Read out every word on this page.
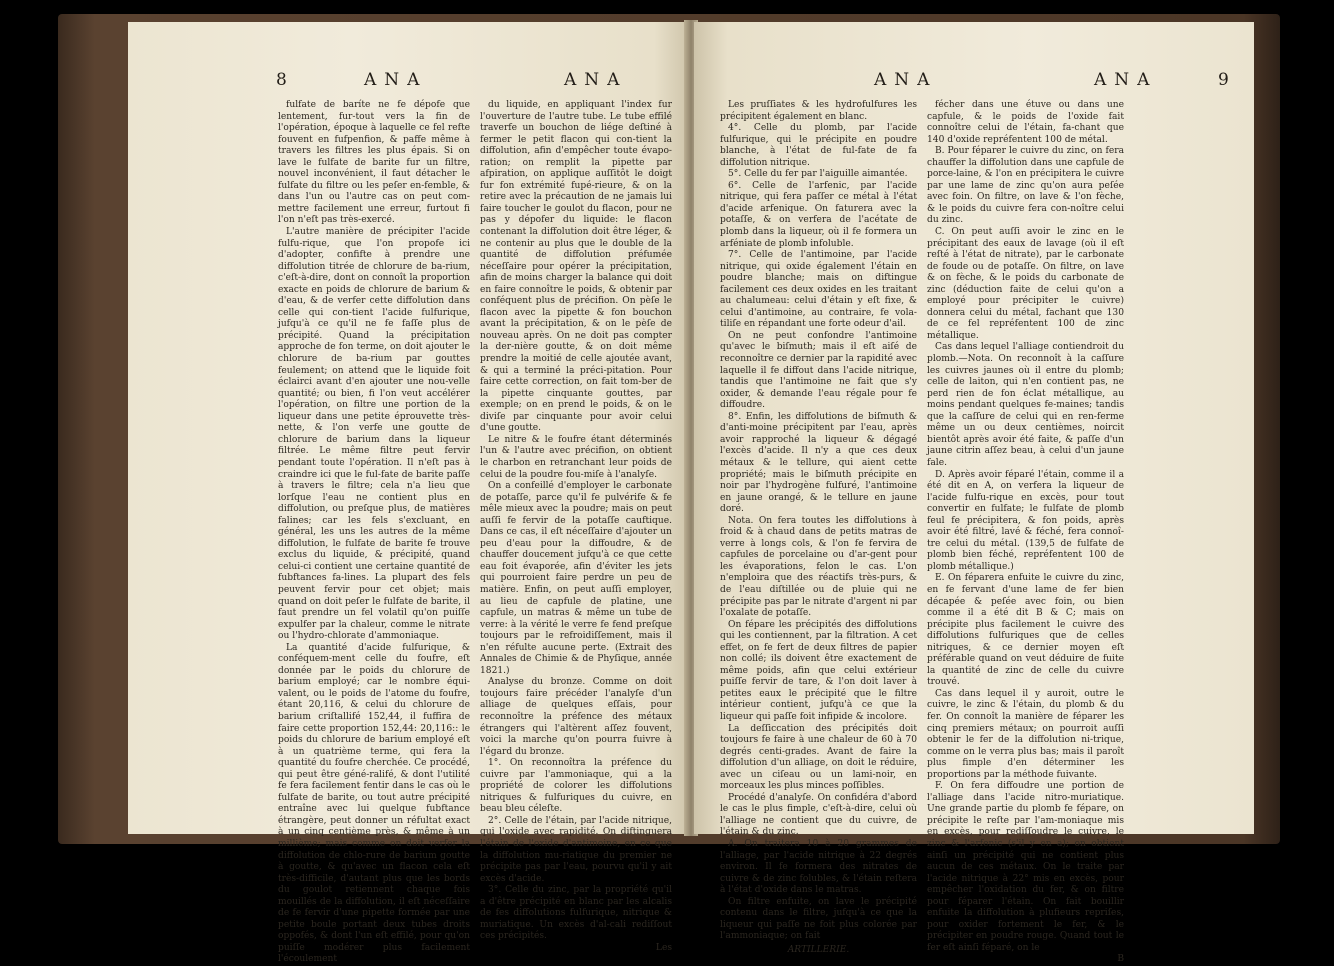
8	ANA	ANA

fulfate de baríte ne fe dépofe que lentement, fur-tout vers la fin de l'opération, époque à laquelle ce fel refte fouvent en fufpenfion, & paffe même à travers les filtres les plus épais. Si on lave le fulfate de barite fur un filtre, nouvel inconvénient, il faut détacher le fulfate du filtre ou les peſer en-femble, & dans l'un ou l'autre cas on peut com-mettre facilement une erreur, furtout fi l'on n'eſt pas très-exercé.

L'autre manière de précipiter l'acide fulfu-rique, que l'on propofe ici d'adopter, confifte à prendre une diffolution titrée de chlorure de ba-rium, c'eſt-à-dire, dont on connoît la proportion exacte en poids de chlorure de barium & d'eau, & de verfer cette diffolution dans celle qui con-tient l'acide fulfurique, jufqu'à ce qu'il ne fe faſſe plus de précipité. Quand la précipitation approche de fon terme, on doit ajouter le chlorure de ba-rium par gouttes feulement; on attend que le liquide foit éclairci avant d'en ajouter une nou-velle quantité; ou bien, fi l'on veut accélérer l'opération, on filtre une portion de la liqueur dans une petite éprouvette très-nette, & l'on verfe une goutte de chlorure de barium dans la liqueur filtrée. Le même filtre peut fervir pendant toute l'opération. Il n'eſt pas à craindre ici que le ful-fate de barite paſſe à travers le filtre; cela n'a lieu que lorſque l'eau ne contient plus en diffolution, ou preſque plus, de matières falines; car les fels s'excluant, en général, les uns les autres de la même diffolution, le fulfate de barite fe trouve exclus du liquide, & précipité, quand celui-ci contient une certaine quantité de fubftances fa-lines. La plupart des fels peuvent fervir pour cet objet; mais quand on doit peſer le fulfate de barite, il faut prendre un fel volatil qu'on puiſſe expulfer par la chaleur, comme le nitrate ou l'hydro-chlorate d'ammoniaque.

La quantité d'acide fulfurique, & conféquem-ment celle du foufre, eſt donnée par le poids du chlorure de barium employé; car le nombre équi-valent, ou le poids de l'atome du foufre, étant 20,116, & celui du chlorure de barium criſtallifé 152,44, il fuffira de faire cette proportion 152,44: 20,116:: le poids du chlorure de barium employé eſt à un quatrième terme, qui fera la quantité du foufre cherchée. Ce procédé, qui peut être géné-ralifé, & dont l'utilité fe fera facilement fentir dans le cas où le fulfate de barite, ou tout autre précipité entraîne avec lui quelque fubftance étrangère, peut donner un réfultat exact à un cinq centième près, & même à un millième; mais comme on doit verfer la diffolution de chlo-rure de barium goutte à goutte, & qu'avec un flacon cela eſt très-difficile, d'autant plus que les bords du goulot retiennent chaque fois mouillés de la diffolution, il eſt néceſſaire de fe fervir d'une pipette formée par une petite boule portant deux tubes droits oppofés, & dont l'un eſt effilé, pour qu'on puiſſe modérer plus facilement l'écoulement

du liquide, en appliquant l'index fur l'ouverture de l'autre tube. Le tube effilé traverfe un bouchon de liége deſtiné à fermer le petit flacon qui con-tient la diffolution, afin d'empêcher toute évapo-ration; on remplit la pipette par afpiration, on applique auſſitôt le doigt fur fon extrémité fupé-rieure, & on la retire avec la précaution de ne jamais lui faire toucher le goulot du flacon, pour ne pas y dépofer du liquide: le flacon contenant la diffolution doit être léger, & ne contenir au plus que le double de la quantité de diffolution préfumée néceſſaire pour opérer la précipitation, afin de moins charger la balance qui doit en faire connoître le poids, & obtenir par conféquent plus de précifion. On pèſe le flacon avec la pipette & fon bouchon avant la précipitation, & on le pèſe de nouveau après. On ne doit pas compter la der-nière goutte, & on doit même prendre la moitié de celle ajoutée avant, & qui a terminé la préci-pitation. Pour faire cette correction, on fait tom-ber de la pipette cinquante gouttes, par exemple; on en prend le poids, & on le diviſe par cinquante pour avoir celui d'une goutte.

Le nitre & le foufre étant déterminés l'un & l'autre avec précifion, on obtient le charbon en retranchant leur poids de celui de la poudre fou-miſe à l'analyſe.

On a confeillé d'employer le carbonate de potaſſe, parce qu'il fe pulvérife & fe mêle mieux avec la poudre; mais on peut auſſi fe fervir de la potaſſe cauftique. Dans ce cas, il eſt néceſſaire d'ajouter un peu d'eau pour la diffoudre, & de chauffer doucement jufqu'à ce que cette eau foit évaporée, afin d'éviter les jets qui pourroient faire perdre un peu de matière. Enfin, on peut auſſi employer, au lieu de capfule de platine, une capfule, un matras & même un tube de verre: à la vérité le verre fe fend preſque toujours par le refroidiſſement, mais il n'en réfulte aucune perte. (Extrait des Annales de Chimie & de Phyſique, année 1821.)

Analyse du bronze. Comme on doit toujours faire précéder l'analyſe d'un alliage de quelques eſſais, pour reconnoître la préfence des métaux étrangers qui l'altèrent aſſez fouvent, voici la marche qu'on pourra fuivre à l'égard du bronze.

1°. On reconnoîtra la préfence du cuivre par l'ammoniaque, qui a la propriété de colorer les diffolutions nitriques & fulfuriques du cuivre, en beau bleu céleſte.

2°. Celle de l'étain, par l'acide nitrique, qui l'oxide avec rapidité. On diftinguera l'étain de l'oxide d'antimoine, en ce que la diffolution mu-riatique du premier ne précipite pas par l'eau, pourvu qu'il y ait excès d'acide.

3°. Celle du zinc, par la propriété qu'il a d'être précipité en blanc par les alcalis de fes diffolutions fulfurique, nitrique & muriatique. Un excès d'al-cali rediſſout ces précipités.

Les

ANA	ANA	9

Les pruſſiates & les hydrofulfures les précipitent également en blanc.

4°. Celle du plomb, par l'acide fulfurique, qui le précipite en poudre blanche, à l'état de ful-fate de fa diffolution nitrique.

5°. Celle du fer par l'aiguille aimantée.

6°. Celle de l'arfenic, par l'acide nitrique, qui fera paſſer ce métal à l'état d'acide arfenique. On faturera avec la potaſſe, & on verfera de l'acétate de plomb dans la liqueur, où il fe formera un arféniate de plomb infoluble.

7°. Celle de l'antimoine, par l'acide nitrique, qui oxide également l'étain en poudre blanche; mais on diftingue facilement ces deux oxides en les traitant au chalumeau: celui d'étain y eſt fixe, & celui d'antimoine, au contraire, fe vola-tiliſe en répandant une forte odeur d'ail.

On ne peut confondre l'antimoine qu'avec le biſmuth; mais il eſt aiſé de reconnoître ce dernier par la rapidité avec laquelle il fe diffout dans l'acide nitrique, tandis que l'antimoine ne fait que s'y oxider, & demande l'eau régale pour fe diffoudre.

8°. Enfin, les diffolutions de biſmuth & d'anti-moine précipitent par l'eau, après avoir rapproché la liqueur & dégagé l'excès d'acide. Il n'y a que ces deux métaux & le tellure, qui aient cette propriété; mais le biſmuth précipite en noir par l'hydrogène fulfuré, l'antimoine en jaune orangé, & le tellure en jaune doré.

Nota. On fera toutes les diffolutions à froid & à chaud dans de petits matras de verre à longs cols, & l'on fe fervira de capfules de porcelaine ou d'ar-gent pour les évaporations, felon le cas. L'on n'emploira que des réactifs très-purs, & de l'eau diſtillée ou de pluie qui ne précipite pas par le nitrate d'argent ni par l'oxalate de potaſſe.

On fépare les précipités des diffolutions qui les contiennent, par la filtration. A cet effet, on fe fert de deux filtres de papier non collé; ils doivent être exactement de même poids, afin que celui extérieur puiſſe fervir de tare, & l'on doit laver à petites eaux le précipité que le filtre intérieur contient, jufqu'à ce que la liqueur qui paſſe foit infipide & incolore.

La deſſiccation des précipités doit toujours fe faire à une chaleur de 60 à 70 degrés centi-grades. Avant de faire la diffolution d'un alliage, on doit le réduire, avec un ciſeau ou un lami-noir, en morceaux les plus minces poſſibles.

Procédé d'analyſe. On confidéra d'abord le cas le plus fimple, c'eſt-à-dire, celui où l'alliage ne contient que du cuivre, de l'étain & du zinc.

A. On traitera 10 à 20 grammes de l'alliage, par l'acide nitrique à 22 degrés environ. Il fe formera des nitrates de cuivre & de zinc folubles, & l'étain reſtera à l'état d'oxide dans le matras.

On filtre enfuite, on lave le précipité contenu dans le filtre, jufqu'à ce que la liqueur qui paſſe ne foit plus colorée par l'ammoniaque; on fait

ARTILLERIE.

fécher dans une étuve ou dans une capfule, & le poids de l'oxide fait connoître celui de l'étain, fa-chant que 140 d'oxide repréfentent 100 de métal.

B. Pour féparer le cuivre du zinc, on fera chauffer la diffolution dans une capfule de porce-laine, & l'on en précipitera le cuivre par une lame de zinc qu'on aura peſée avec foin. On filtre, on lave & l'on fèche, & le poids du cuivre fera con-noître celui du zinc.

C. On peut auſſi avoir le zinc en le précipitant des eaux de lavage (où il eſt reſté à l'état de nitrate), par le carbonate de foude ou de potaſſe. On filtre, on lave & on fèche, & le poids du carbonate de zinc (déduction faite de celui qu'on a employé pour précipiter le cuivre) donnera celui du métal, fachant que 130 de ce fel repréfentent 100 de zinc métallique.

Cas dans lequel l'alliage contiendroit du plomb.—Nota. On reconnoît à la caſſure les cuivres jaunes où il entre du plomb; celle de laiton, qui n'en contient pas, ne perd rien de fon éclat métallique, au moins pendant quelques fe-maines; tandis que la caſſure de celui qui en ren-ferme même un ou deux centièmes, noircit bientôt après avoir été faite, & paſſe d'un jaune citrin aſſez beau, à celui d'un jaune fale.

D. Après avoir féparé l'étain, comme il a été dit en A, on verfera la liqueur de l'acide fulfu-rique en excès, pour tout convertir en fulfate; le fulfate de plomb feul fe précipitera, & fon poids, après avoir été filtré, lavé & féché, fera connoî-tre celui du métal. (139,5 de fulfate de plomb bien féché, repréfentent 100 de plomb métallique.)

E. On féparera enfuite le cuivre du zinc, en fe fervant d'une lame de fer bien décapée & peſée avec foin, ou bien comme il a été dit B & C; mais on précipite plus facilement le cuivre des diffolutions fulfuriques que de celles nitriques, & ce dernier moyen eſt préférable quand on veut déduire de fuite la quantité de zinc de celle du cuivre trouvé.

Cas dans lequel il y auroit, outre le cuivre, le zinc & l'étain, du plomb & du fer. On connoît la manière de féparer les cinq premiers métaux; on pourroit auſſi obtenir le fer de la diffolution ni-trique, comme on le verra plus bas; mais il paroît plus fimple d'en déterminer les proportions par la méthode fuivante.

F. On fera diffoudre une portion de l'alliage dans l'acide nitro-muriatique. Une grande partie du plomb fe fépare, on précipite le reſte par l'am-moniaque mis en excès, pour rediſſoudre le cuivre, le zinc & l'arfenic (s'il y en a); on obtient ainſi un précipité qui ne contient plus aucun de ces métaux. On le traite par l'acide nitrique à 22° mis en excès, pour empêcher l'oxidation du fer, & on filtre pour féparer l'étain. On fait bouillir enfuite la diffolution à plufieurs repriſes, pour oxider fortement le fer, & le précipiter en poudre rouge. Quand tout le fer eſt ainſi féparé, on le

B
